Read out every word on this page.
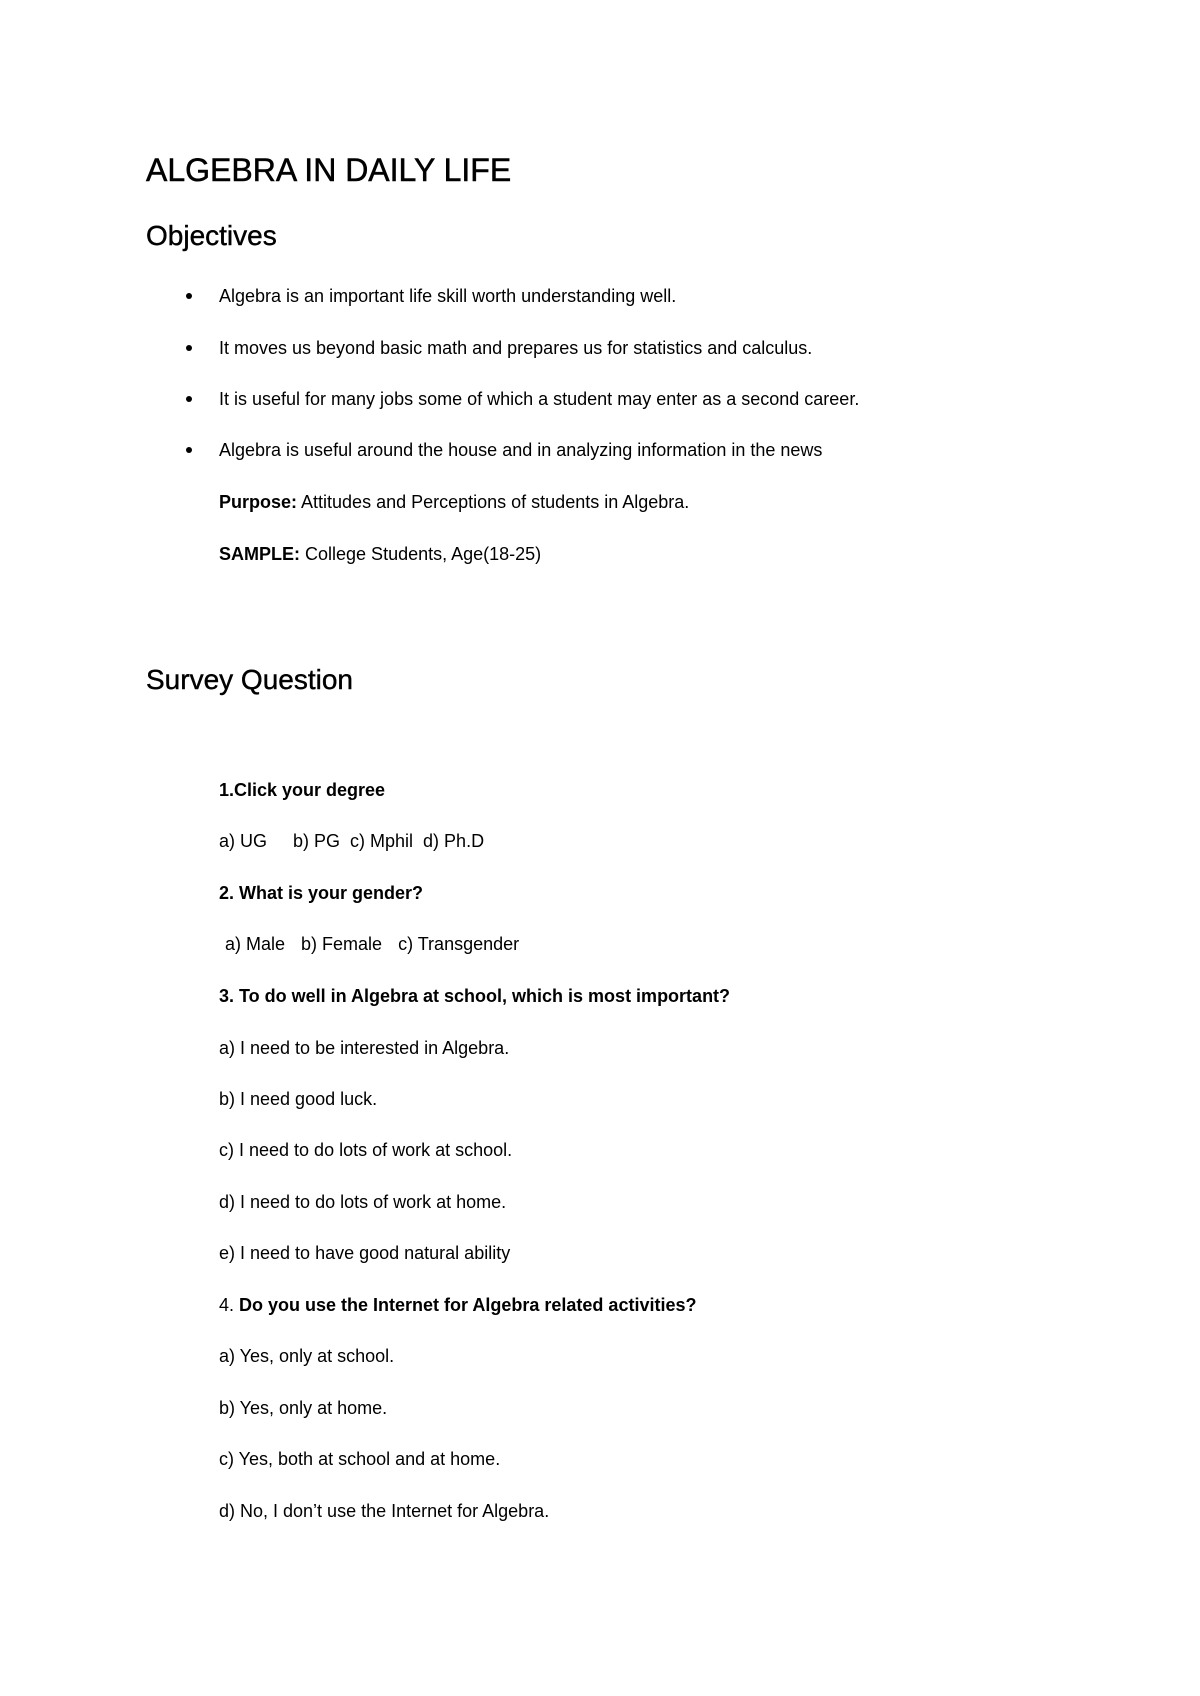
ALGEBRA IN DAILY LIFE
Objectives
Algebra is an important life skill worth understanding well.
It moves us beyond basic math and prepares us for statistics and calculus.
It is useful for many jobs some of which a student may enter as a second career.
Algebra is useful around the house and in analyzing information in the news
Purpose: Attitudes and Perceptions of students in Algebra.
SAMPLE: College Students, Age(18-25)
Survey Question
1.Click your degree
a) UG b) PG c) Mphil d) Ph.D
2. What is your gender?
a) Male b) Female c) Transgender
3. To do well in Algebra at school, which is most important?
a) I need to be interested in Algebra.
b) I need good luck.
c) I need to do lots of work at school.
d) I need to do lots of work at home.
e) I need to have good natural ability
4. Do you use the Internet for Algebra related activities?
a) Yes, only at school.
b) Yes, only at home.
c) Yes, both at school and at home.
d) No, I don’t use the Internet for Algebra.
